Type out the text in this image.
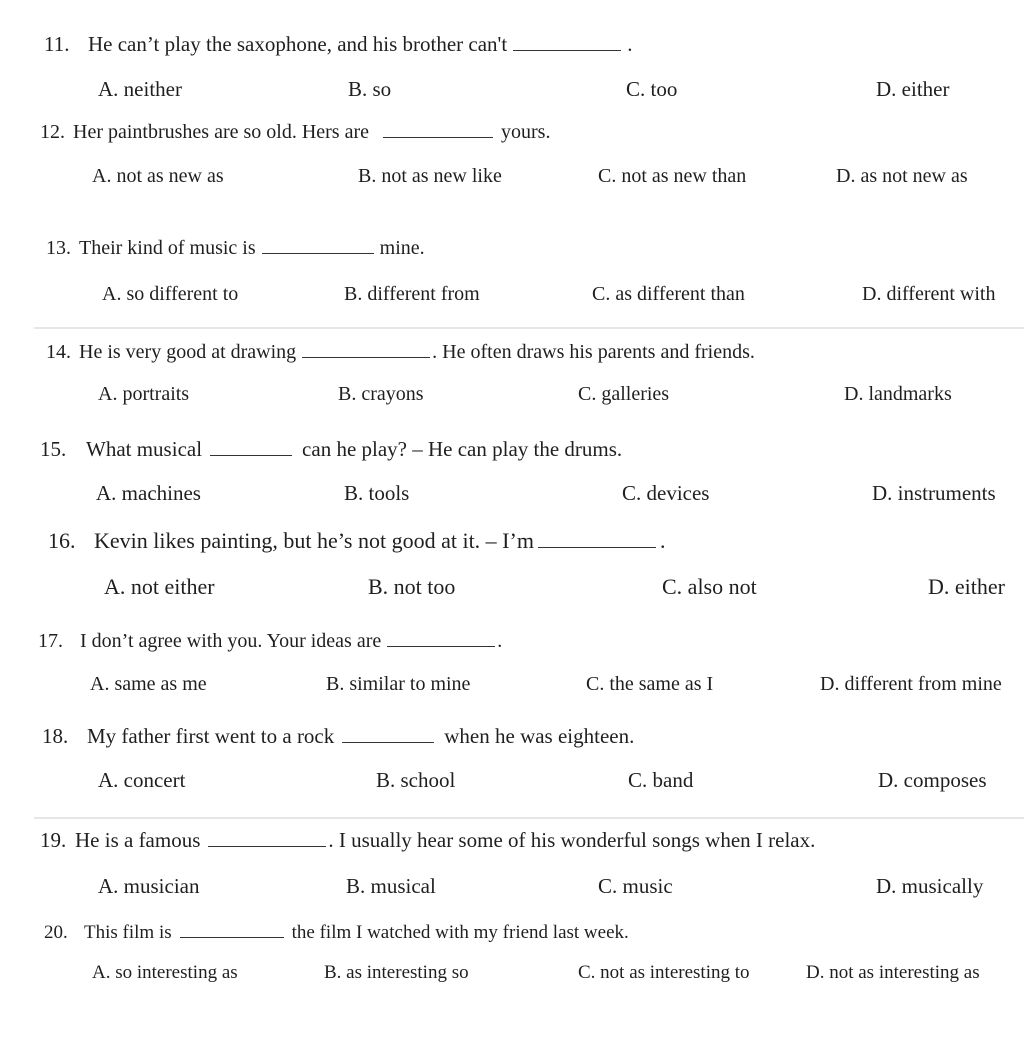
11. He can’t play the saxophone, and his brother can't	.
A. neither	B. so	C. too	D. either
12. Her paintbrushes are so old. Hers are	yours.
A. not as new as	B. not as new like	C. not as new than	D. as not new as
13. Their kind of music is	mine.
A. so different to	B. different from	C. as different than	D. different with
14. He is very good at drawing	. He often draws his parents and friends.
A. portraits	B. crayons	C. galleries	D. landmarks
15. What musical	can he play? – He can play the drums.
A. machines	B. tools	C. devices	D. instruments
16. Kevin likes painting, but he’s not good at it. – I’m	.
A. not either	B. not too	C. also not	D. either
17. I don’t agree with you. Your ideas are	.
A. same as me	B. similar to mine	C. the same as I	D. different from mine
18. My father first went to a rock	when he was eighteen.
A. concert	B. school	C. band	D. composes
19. He is a famous	. I usually hear some of his wonderful songs when I relax.
A. musician	B. musical	C. music	D. musically
20. This film is	the film I watched with my friend last week.
A. so interesting as	B. as interesting so	C. not as interesting to	D. not as interesting as
